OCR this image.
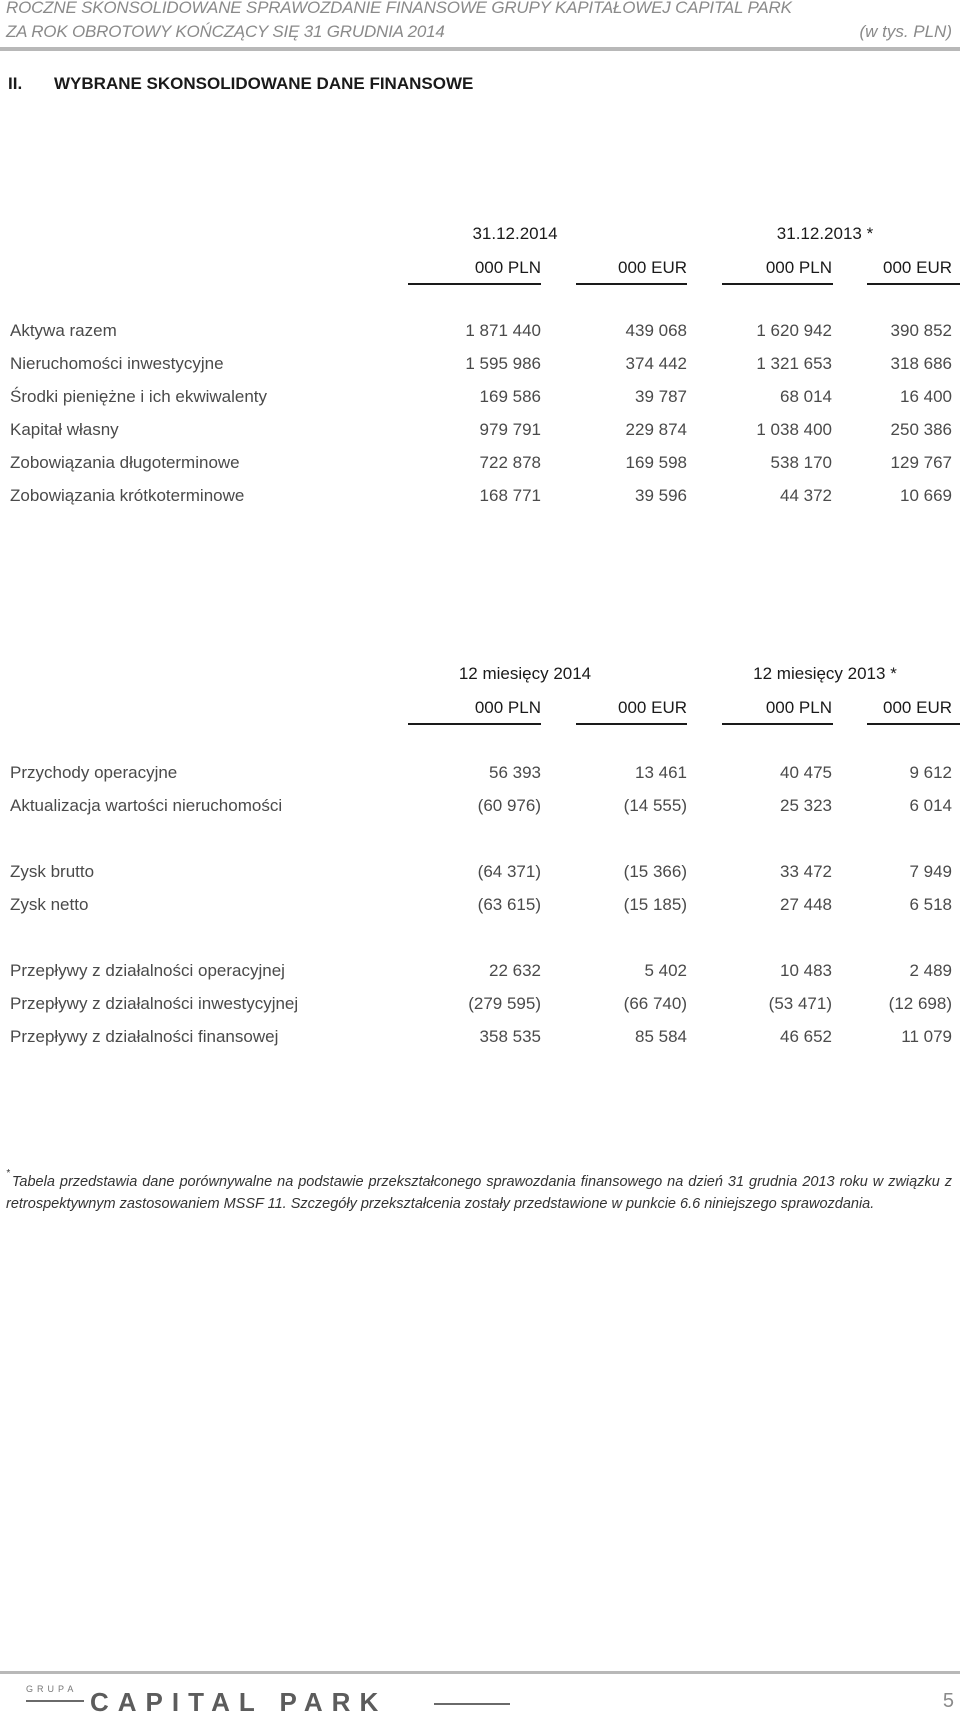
ROCZNE SKONSOLIDOWANE SPRAWOZDANIE FINANSOWE GRUPY KAPITAŁOWEJ CAPITAL PARK
ZA ROK OBROTOWY KOŃCZĄCY SIĘ 31 GRUDNIA 2014	(w tys. PLN)
II. WYBRANE SKONSOLIDOWANE DANE FINANSOWE
31.12.2014	31.12.2013 *
000 PLN	000 EUR	000 PLN	000 EUR
Aktywa razem	1 871 440	439 068	1 620 942	390 852
Nieruchomości inwestycyjne	1 595 986	374 442	1 321 653	318 686
Środki pieniężne i ich ekwiwalenty	169 586	39 787	68 014	16 400
Kapitał własny	979 791	229 874	1 038 400	250 386
Zobowiązania długoterminowe	722 878	169 598	538 170	129 767
Zobowiązania krótkoterminowe	168 771	39 596	44 372	10 669
12 miesięcy 2014	12 miesięcy 2013 *
000 PLN	000 EUR	000 PLN	000 EUR
Przychody operacyjne	56 393	13 461	40 475	9 612
Aktualizacja wartości nieruchomości	(60 976)	(14 555)	25 323	6 014
Zysk brutto	(64 371)	(15 366)	33 472	7 949
Zysk netto	(63 615)	(15 185)	27 448	6 518
Przepływy z działalności operacyjnej	22 632	5 402	10 483	2 489
Przepływy z działalności inwestycyjnej	(279 595)	(66 740)	(53 471)	(12 698)
Przepływy z działalności finansowej	358 535	85 584	46 652	11 079
*Tabela przedstawia dane porównywalne na podstawie przekształconego sprawozdania finansowego na dzień 31 grudnia 2013 roku w związku z retrospektywnym zastosowaniem MSSF 11. Szczegóły przekształcenia zostały przedstawione w punkcie 6.6 niniejszego sprawozdania.
GRUPA CAPITAL PARK	5
